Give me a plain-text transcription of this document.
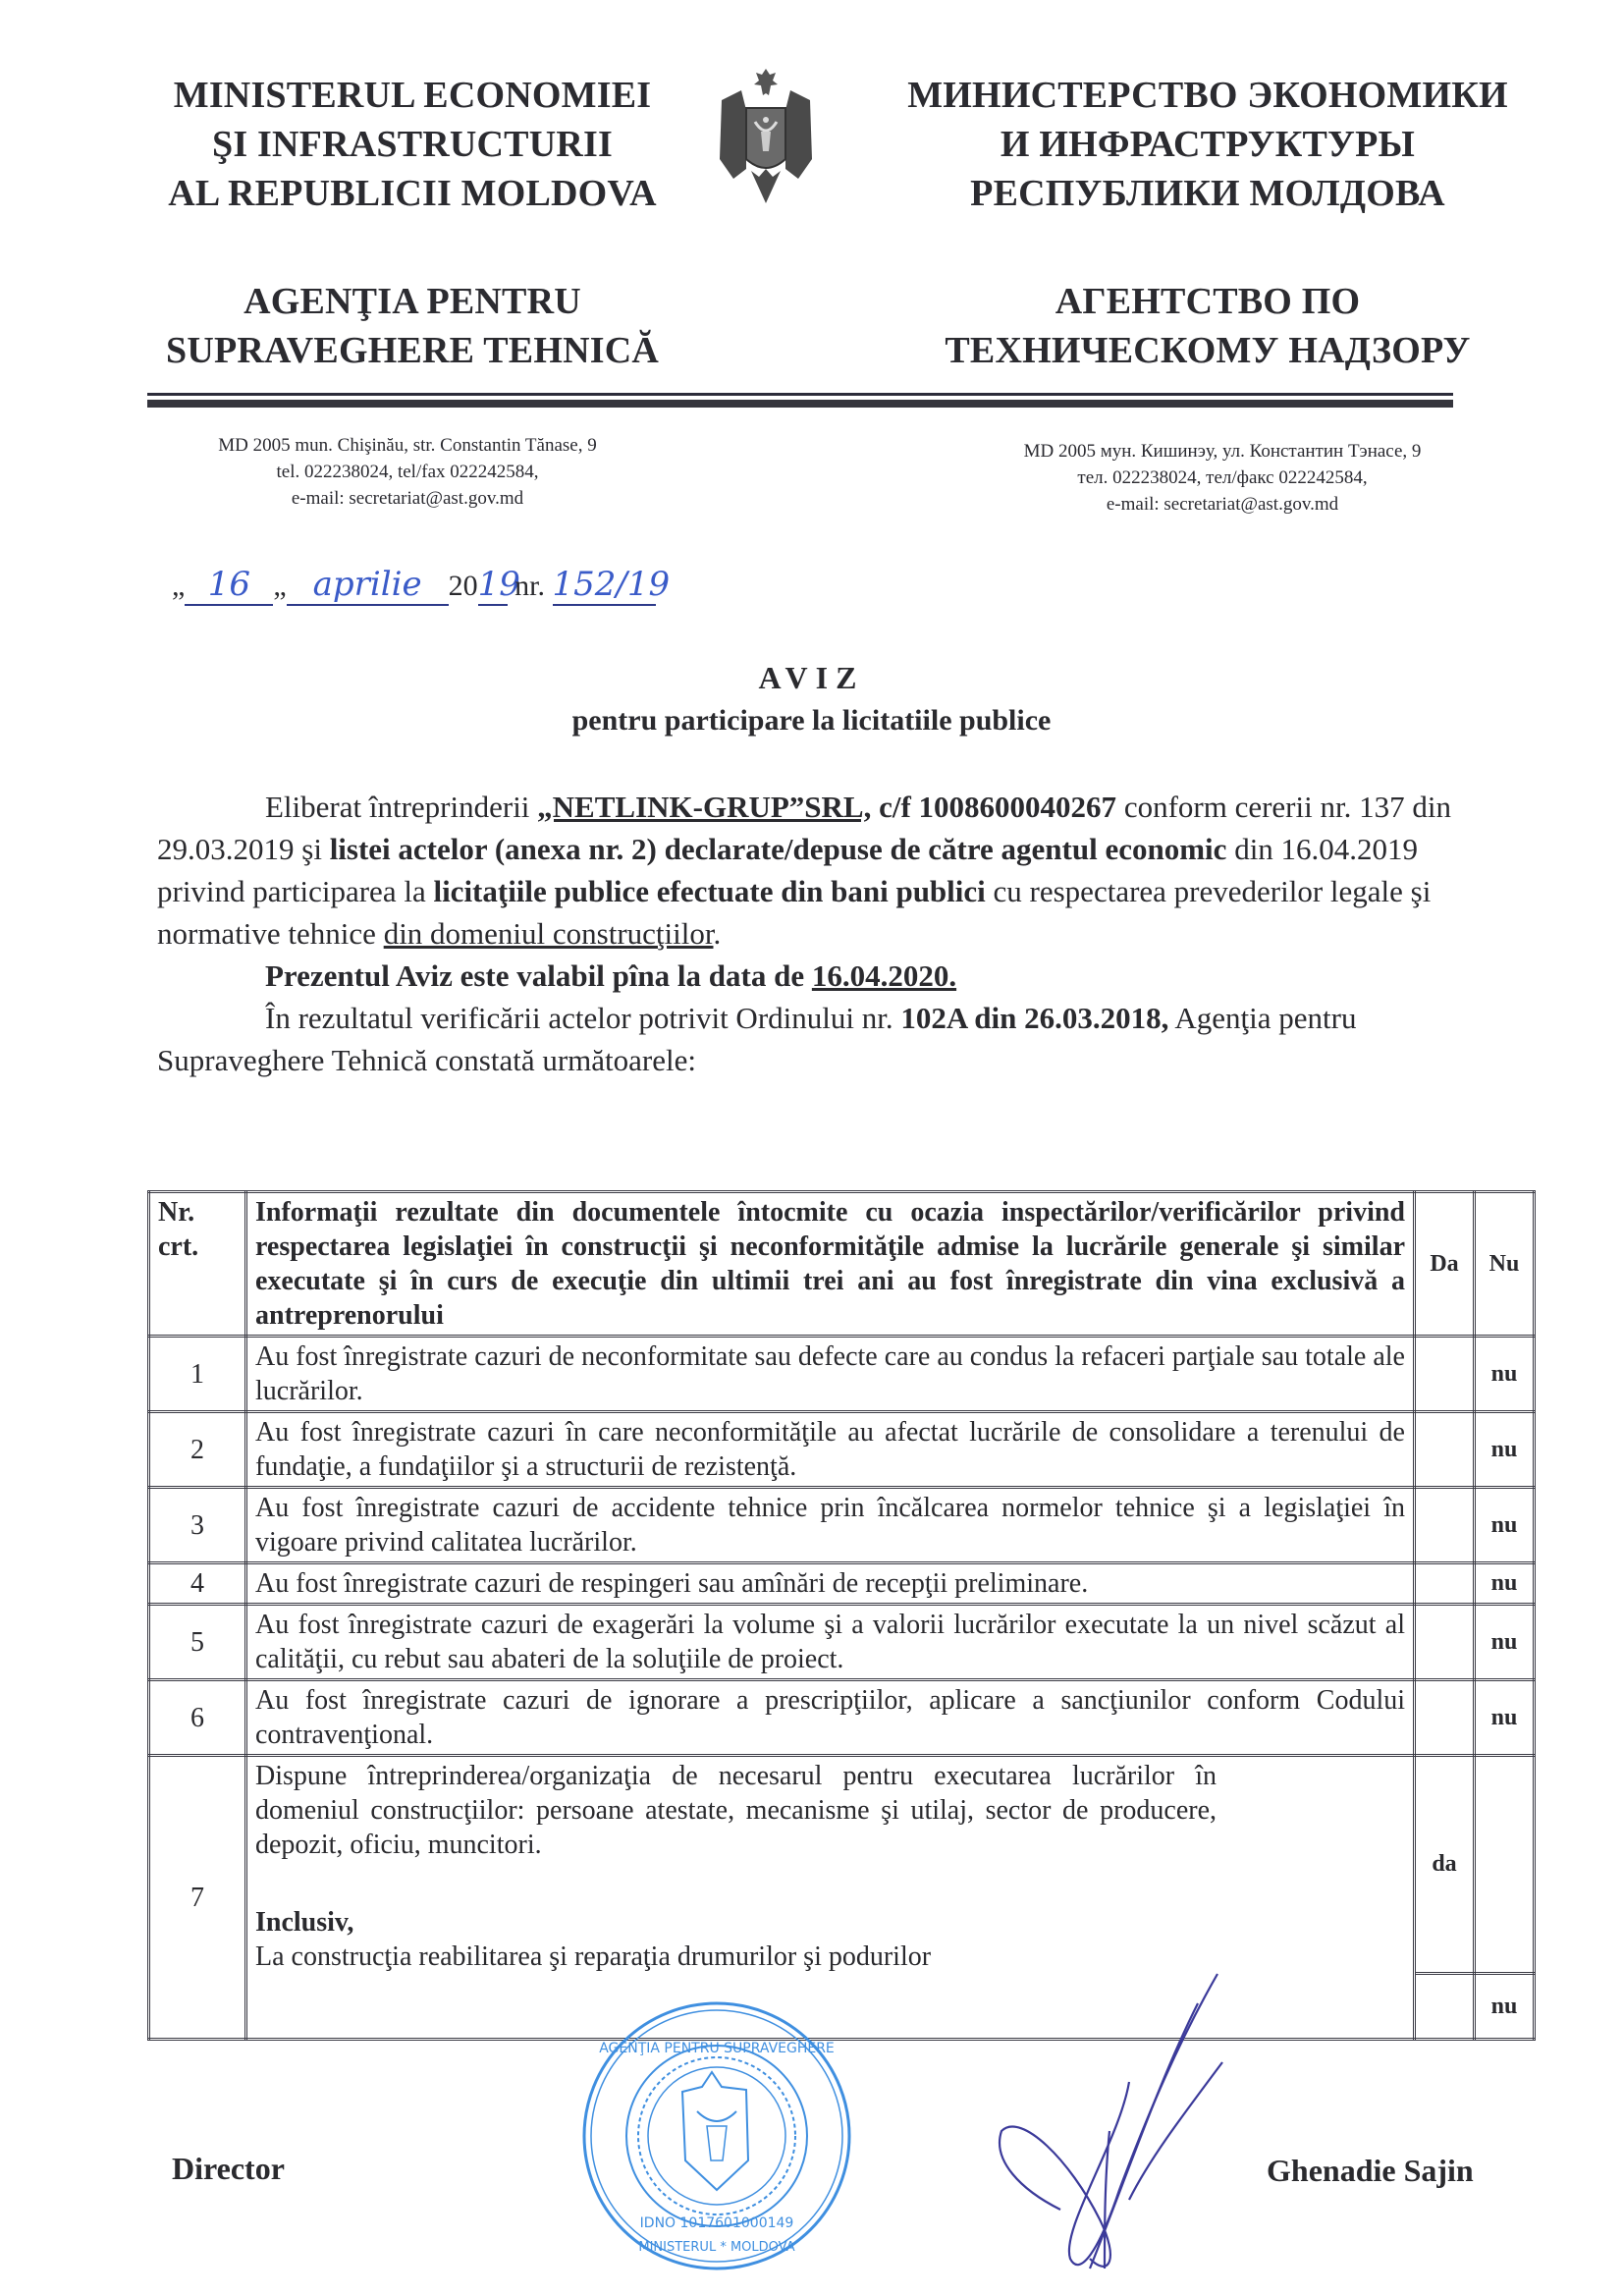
MINISTERUL ECONOMIEI
ŞI INFRASTRUCTURII
AL REPUBLICII MOLDOVA
AGENŢIA PENTRU
SUPRAVEGHERE TEHNICĂ
МИНИСТЕРСТВО ЭКОНОМИКИ
И ИНФРАСТРУКТУРЫ
РЕСПУБЛИКИ МОЛДОВА
АГЕНТСТВО ПО
ТЕХНИЧЕСКОМУ НАДЗОРУ
MD 2005 mun. Chişinău, str. Constantin Tănase, 9
tel. 022238024, tel/fax 022242584,
e-mail: secretariat@ast.gov.md
MD 2005 мун. Кишинэу, ул. Константин Тэнасе, 9
тел. 022238024, тел/факс 022242584,
e-mail: secretariat@ast.gov.md
„ 16 „ aprilie 2019 nr. 152/19
AVIZ
pentru participare la licitatiile publice

Eliberat întreprinderii „NETLINK-GRUP”SRL, c/f 1008600040267 conform cererii nr. 137 din 29.03.2019 şi listei actelor (anexa nr. 2) declarate/depuse de către agentul economic din 16.04.2019 privind participarea la licitaţiile publice efectuate din bani publici cu respectarea prevederilor legale şi normative tehnice din domeniul construcţiilor.

Prezentul Aviz este valabil pîna la data de 16.04.2020.

În rezultatul verificării actelor potrivit Ordinului nr. 102A din 26.03.2018, Agenţia pentru Supraveghere Tehnică constată următoarele:

Nr. crt.	Informaţii rezultate din documentele întocmite cu ocazia inspectărilor/verificărilor privind respectarea legislaţiei în construcţii şi neconformităţile admise la lucrările generale şi similar executate şi în curs de execuţie din ultimii trei ani au fost înregistrate din vina exclusivă a antreprenorului	Da	Nu
1	Au fost înregistrate cazuri de neconformitate sau defecte care au condus la refaceri parţiale sau totale ale lucrărilor.		nu
2	Au fost înregistrate cazuri în care neconformităţile au afectat lucrările de consolidare a terenului de fundaţie, a fundaţiilor şi a structurii de rezistenţă.		nu
3	Au fost înregistrate cazuri de accidente tehnice prin încălcarea normelor tehnice şi a legislaţiei în vigoare privind calitatea lucrărilor.		nu
4	Au fost înregistrate cazuri de respingeri sau amînări de recepţii preliminare.		nu
5	Au fost înregistrate cazuri de exagerări la volume şi a valorii lucrărilor executate la un nivel scăzut al calităţii, cu rebut sau abateri de la soluţiile de proiect.		nu
6	Au fost înregistrate cazuri de ignorare a prescripţiilor, aplicare a sancţiunilor conform Codului contravenţional.		nu
7	Dispune întreprinderea/organizaţia de necesarul pentru executarea lucrărilor în domeniul construcţiilor: persoane atestate, mecanisme şi utilaj, sector de producere, depozit, oficiu, muncitori.
Inclusiv,
La construcţia reabilitarea şi reparaţia drumurilor şi podurilor	da	
			nu
Director
AGENŢIA PENTRU SUPRAVEGHERE
IDNO 1017601000149
MINISTERUL * MOLDOVA
Ghenadie Sajin
